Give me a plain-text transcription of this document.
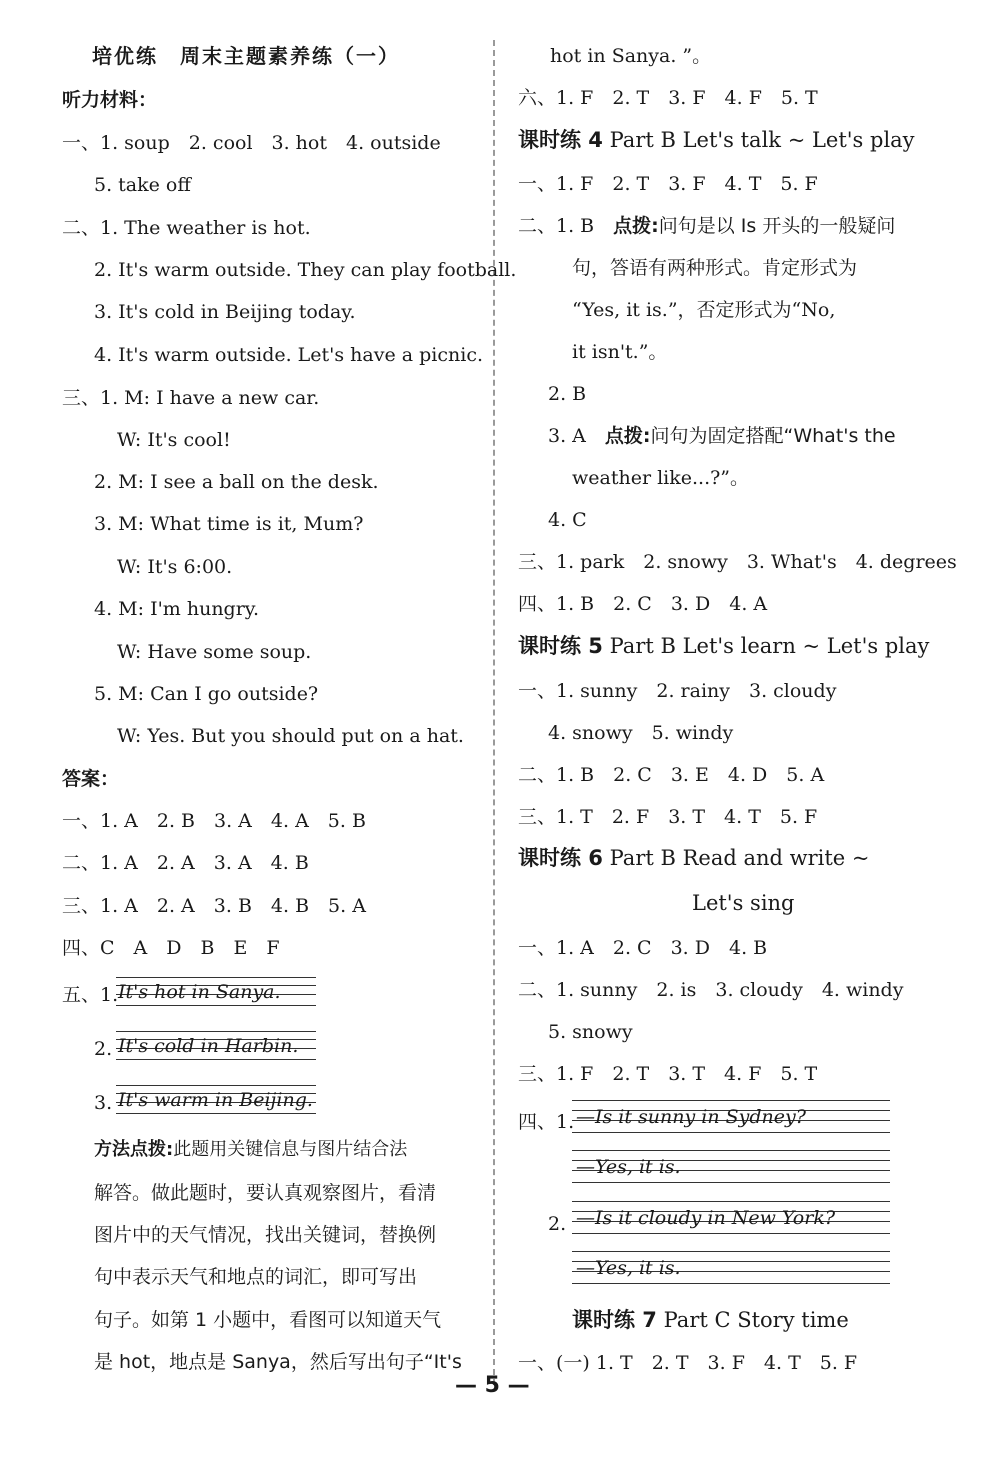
培优练　周末主题素养练（一）
听力材料：
一、1. soup　2. cool　3. hot　4. outside
5. take off
二、1. The weather is hot.
2. It's warm outside. They can play football.
3. It's cold in Beijing today.
4. It's warm outside. Let's have a picnic.
三、1. M: I have a new car.
W: It's cool!
2. M: I see a ball on the desk.
3. M: What time is it, Mum?
W: It's 6:00.
4. M: I'm hungry.
W: Have some soup.
5. M: Can I go outside?
W: Yes. But you should put on a hat.
答案：
一、1. A　2. B　3. A　4. A　5. B
二、1. A　2. A　3. A　4. B
三、1. A　2. A　3. B　4. B　5. A
四、C　A　D　B　E　F
五、1. It's hot in Sanya.
2. It's cold in Harbin.
3. It's warm in Beijing.
方法点拨:此题用关键信息与图片结合法
解答。做此题时，要认真观察图片，看清
图片中的天气情况，找出关键词，替换例
句中表示天气和地点的词汇，即可写出
句子。如第 1 小题中，看图可以知道天气
是 hot，地点是 Sanya，然后写出句子“It's
hot in Sanya. ”。
六、1. F　2. T　3. F　4. F　5. T
课时练 4 Part B Let's talk ~ Let's play
一、1. F　2. T　3. F　4. T　5. F
二、1. B　点拨:问句是以 Is 开头的一般疑问
句，答语有两种形式。肯定形式为
“Yes, it is.”，否定形式为“No,
it isn't.”。
2. B
3. A　点拨:问句为固定搭配“What's the
weather like...?”。
4. C
三、1. park　2. snowy　3. What's　4. degrees
四、1. B　2. C　3. D　4. A
课时练 5 Part B Let's learn ~ Let's play
一、1. sunny　2. rainy　3. cloudy
4. snowy　5. windy
二、1. B　2. C　3. E　4. D　5. A
三、1. T　2. F　3. T　4. T　5. F
课时练 6 Part B Read and write ~
Let's sing
一、1. A　2. C　3. D　4. B
二、1. sunny　2. is　3. cloudy　4. windy
5. snowy
三、1. F　2. T　3. T　4. F　5. T
四、1. —Is it sunny in Sydney?
—Yes, it is.
2. —Is it cloudy in New York?
—Yes, it is.
课时练 7 Part C Story time
一、(一) 1. T　2. T　3. F　4. T　5. F
— 5 —
